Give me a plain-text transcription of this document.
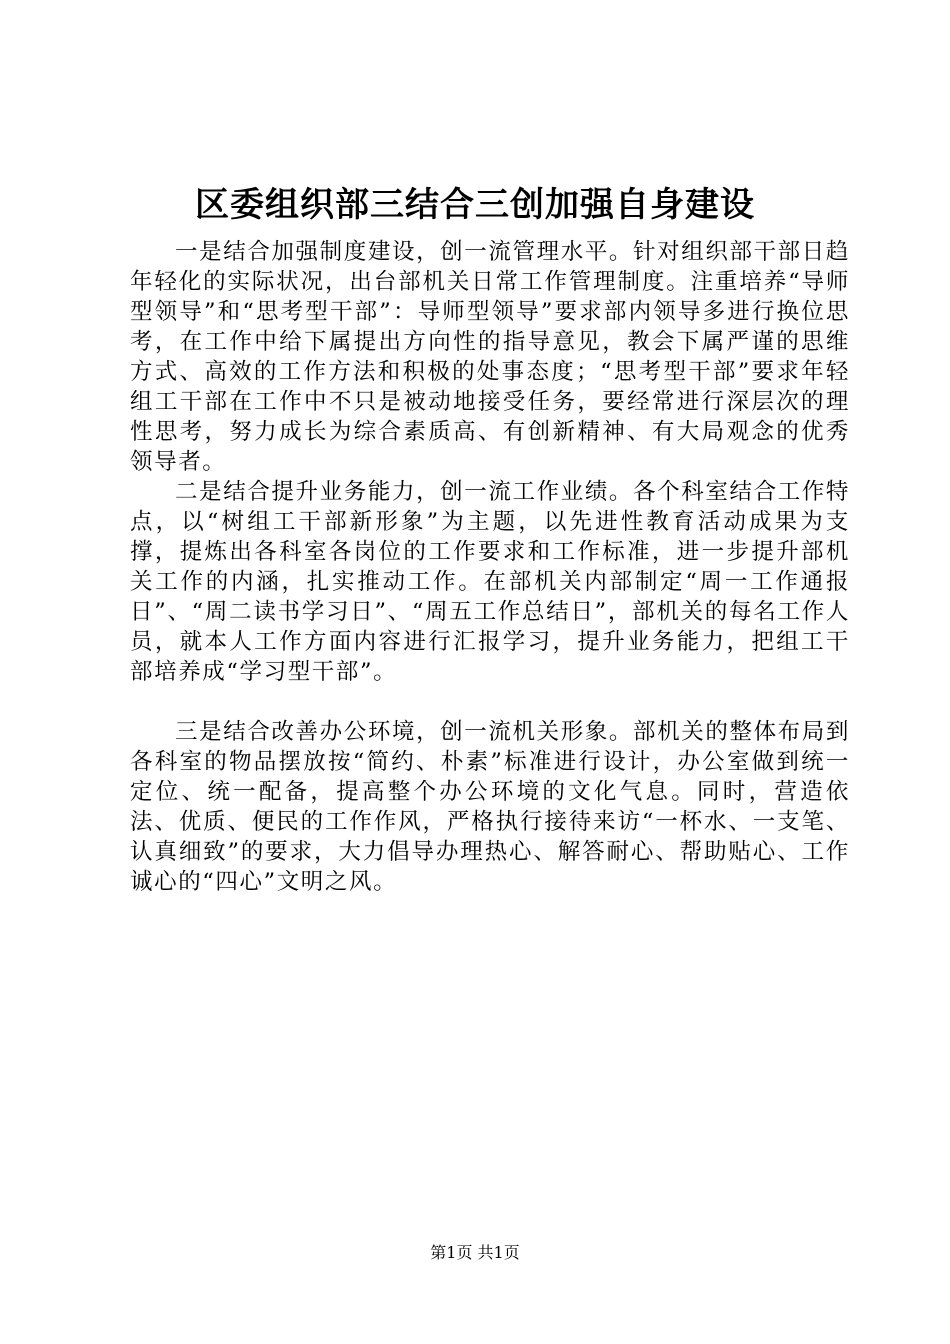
区委组织部三结合三创加强自身建设

一是结合加强制度建设，创一流管理水平。针对组织部干部日趋年轻化的实际状况，出台部机关日常工作管理制度。注重培养“导师型领导”和“思考型干部”：导师型领导”要求部内领导多进行换位思考，在工作中给下属提出方向性的指导意见，教会下属严谨的思维方式、高效的工作方法和积极的处事态度；“思考型干部”要求年轻组工干部在工作中不只是被动地接受任务，要经常进行深层次的理性思考，努力成长为综合素质高、有创新精神、有大局观念的优秀领导者。

二是结合提升业务能力，创一流工作业绩。各个科室结合工作特点，以“树组工干部新形象”为主题，以先进性教育活动成果为支撑，提炼出各科室各岗位的工作要求和工作标准，进一步提升部机关工作的内涵，扎实推动工作。在部机关内部制定“周一工作通报日”、“周二读书学习日”、“周五工作总结日”，部机关的每名工作人员，就本人工作方面内容进行汇报学习，提升业务能力，把组工干部培养成“学习型干部”。

三是结合改善办公环境，创一流机关形象。部机关的整体布局到各科室的物品摆放按“简约、朴素”标准进行设计，办公室做到统一定位、统一配备，提高整个办公环境的文化气息。同时，营造依法、优质、便民的工作作风，严格执行接待来访“一杯水、一支笔、认真细致”的要求，大力倡导办理热心、解答耐心、帮助贴心、工作诚心的“四心”文明之风。

第1页 共1页
